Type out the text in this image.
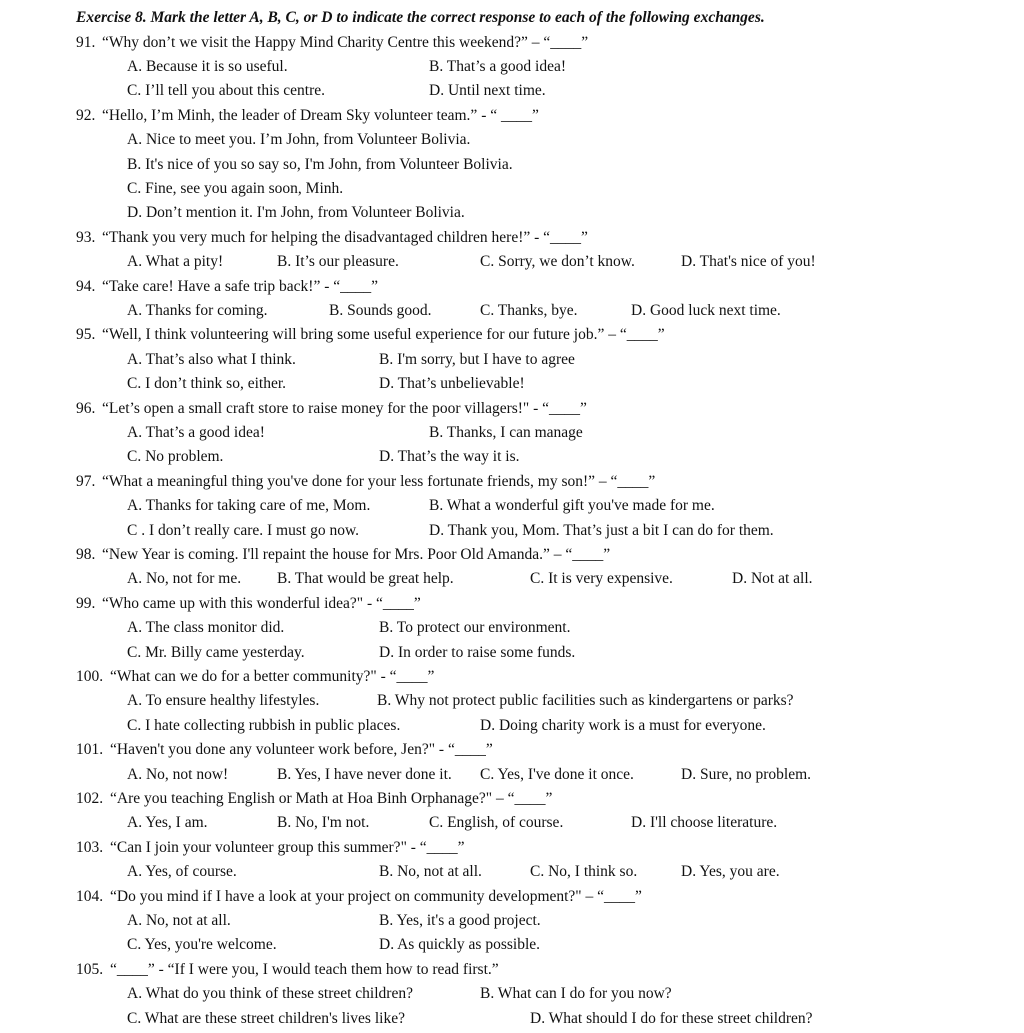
Exercise 8. Mark the letter A, B, C, or D to indicate the correct response to each of the following exchanges.
91. “Why don’t we visit the Happy Mind Charity Centre this weekend?” – “____”
A. Because it is so useful.	B. That’s a good idea!
C. I’ll tell you about this centre.	D. Until next time.
92. “Hello, I’m Minh, the leader of Dream Sky volunteer team.” - “ ____”
A. Nice to meet you. I’m John, from Volunteer Bolivia.
B. It's nice of you so say so, I'm John, from Volunteer Bolivia.
C. Fine, see you again soon, Minh.
D. Don’t mention it. I'm John, from Volunteer Bolivia.
93. “Thank you very much for helping the disadvantaged children here!” - “____”
A. What a pity!	B. It’s our pleasure.	C. Sorry, we don’t know.	D. That's nice of you!
94. “Take care! Have a safe trip back!” - “____”
A. Thanks for coming.	B. Sounds good.	C. Thanks, bye.	D. Good luck next time.
95. “Well, I think volunteering will bring some useful experience for our future job.” – “____”
A. That’s also what I think.	B. I'm sorry, but I have to agree
C. I don’t think so, either.	D. That’s unbelievable!
96. “Let’s open a small craft store to raise money for the poor villagers!" - “____”
A. That’s a good idea!	B. Thanks, I can manage
C. No problem.	D. That’s the way it is.
97. “What a meaningful thing you've done for your less fortunate friends, my son!” – “____”
A. Thanks for taking care of me, Mom.	B. What a wonderful gift you've made for me.
C . I don’t really care. I must go now.	D. Thank you, Mom. That’s just a bit I can do for them.
98. “New Year is coming. I'll repaint the house for Mrs. Poor Old Amanda.” – “____”
A. No, not for me. B. That would be great help.	C. It is very expensive.	D. Not at all.
99. “Who came up with this wonderful idea?" - “____”
A. The class monitor did.	B. To protect our environment.
C. Mr. Billy came yesterday.	D. In order to raise some funds.
100. “What can we do for a better community?" - “____”
A. To ensure healthy lifestyles.	B. Why not protect public facilities such as kindergartens or parks?
C. I hate collecting rubbish in public places.	D. Doing charity work is a must for everyone.
101. “Haven't you done any volunteer work before, Jen?" - “____”
A. No, not now!	B. Yes, I have never done it. C. Yes, I've done it once.	D. Sure, no problem.
102. “Are you teaching English or Math at Hoa Binh Orphanage?" – “____”
A. Yes, I am.	B. No, I'm not.	C. English, of course.	D. I'll choose literature.
103. “Can I join your volunteer group this summer?" - “____”
A. Yes, of course.	B. No, not at all.	C. No, I think so.	D. Yes, you are.
104. “Do you mind if I have a look at your project on community development?" – “____”
A. No, not at all.	B. Yes, it's a good project.
C. Yes, you're welcome.	D. As quickly as possible.
105. “____” - “If I were you, I would teach them how to read first.”
A. What do you think of these street children?	B. What can I do for you now?
C. What are these street children's lives like?	D. What should I do for these street children?
